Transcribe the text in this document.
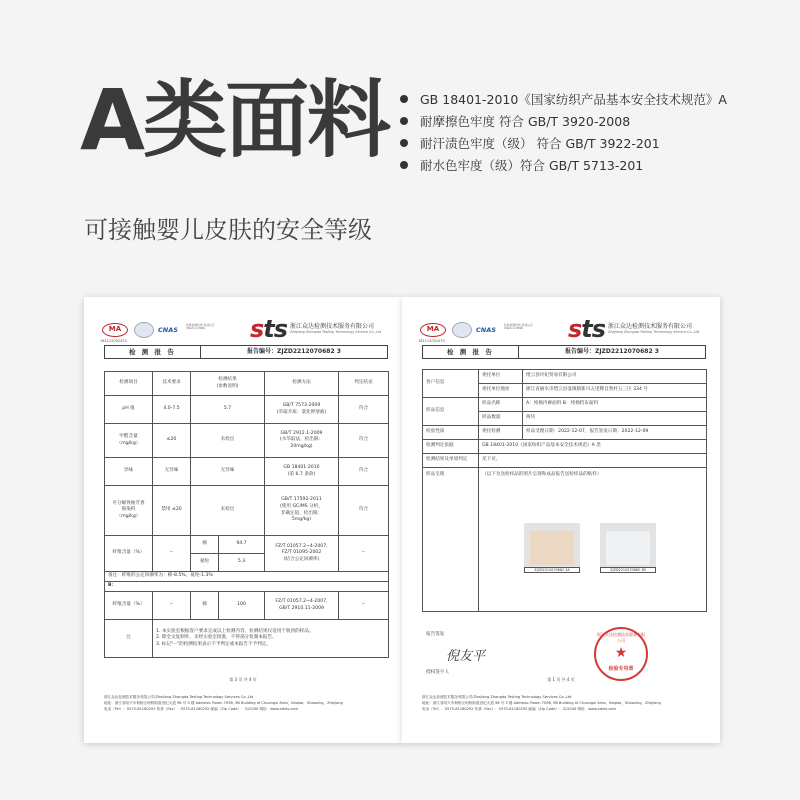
A类面料
可接触婴儿皮肤的安全等级
GB 18401-2010《国家纺织产品基本安全技术规范》A
耐摩擦色牢度 符合 GB/T 3920-2008
耐汗渍色牢度（级） 符合 GB/T 3922-201
耐水色牢度（级）符合 GB/T 5713-201
MA
181112052433
CNAS
检验检测机构 资质认定 CNAS L13996	sts 浙江众达检测技术服务有限公司
Zhejiang Zhongda Testing Technology Service Co.,Ltd
检 测 报 告	报告编号：ZJZD2212070682 3
检测项目	技术要求	检测结果
(参数说明)		检测方法	判定结论
pH 值	4.0-7.5	5.7		GB/T 7573-2009
(萃取介质：氯化钾溶液)	符合
甲醛含量
（mg/kg）	≤20	未检出		GB/T 2912.1-2009
(水萃取法，检出限：
20mg/kg)	符合
异味	无异味	无异味		GB 18401-2010
(第 6.7 条款)	符合
可分解致癌芳香
胺染料
（mg/kg）	禁用 ≤20	未检出		GB/T 17592-2011
(使用 GC/MS 分析，
非确定值，检出限：
5mg/kg)	符合
纤维含量（%）	--	棉	94.7	FZ/T 01057.2~4-2007,
FZ/T 01095-2002
(结合公定回潮率)	--
		氨纶	5.3		
备注：纤维的公定回潮率为：棉-8.5%，氨纶-1.3%					
B：					
纤维含量（%）	--	棉	100	FZ/T 01057.2~4-2007,
GB/T 2910.11-2009	--
注	1. 本实验室根据客户要求完成以上检测内容，检测结果仅适用于收到的样品。
2. 除全文复制外，未经实验室批准，不得部分复制本报告。
3. 标记“--”的检测结果表示不予判定或本报告不予判定。				
第 3 页 共 4 页
浙江众达检测技术服务有限公司/Zhejiang Zhongda Testing Technology Services Co.,Ltd
地址：浙江省绍兴市柯桥区柯桥街道世纪大道 98 号 5 楼 Address: Room 7098, 9B Building of Chuangxi Area，Keqiao，Shaoxing，Zhejiang
电话（Tel）：0575-81180292 传真（Fax）：0575-81180292 邮编（Zip Code）：312030 网址：www.zdsts.com
MA
181112052433
CNAS
检验检测机构 资质认定 CNAS L13996	sts 浙江众达检测技术服务有限公司
Zhejiang Zhongda Testing Technology Service Co.,Ltd
检 测 报 告	报告编号：ZJZD2212070682 3
客户信息	委托单位	缙云县玲妃贸易有限公司
	委托单位地址	浙江省丽水市缙云县壶镇镇新川五里牌自然村五三区 334 号
样品信息	样品名称	A：纯棉内裤面料 B：纯棉档布面料
	样品数量	两块
检验性质	委托检测	样品受理日期：2022-12-07，报告签发日期：2022-12-09
检测判定依据	GB 18401-2010《国家纺织产品基本安全技术规范》A 类	
检测结果及单项判定	见下页。	
样品呈现	（以下为送检样品的照片呈现和成品报告送检样品的贴样）	
ZJZD2212070682 3A	ZJZD2212070682 3B
报告签发
倪友平
授权签字人
浙江众达检测技术服务有限公司
★
检验专用章
第 1 页 共 4 页
浙江众达检测技术服务有限公司/Zhejiang Zhongda Testing Technology Services Co.,Ltd
地址：浙江省绍兴市柯桥区柯桥街道世纪大道 98 号 5 楼 Address: Room 7098, 9B Building of Chuangxi Area，Keqiao，Shaoxing，Zhejiang
电话（Tel）：0575-81180292 传真（Fax）：0575-81180292 邮编（Zip Code）：312030 网址：www.zdsts.com
